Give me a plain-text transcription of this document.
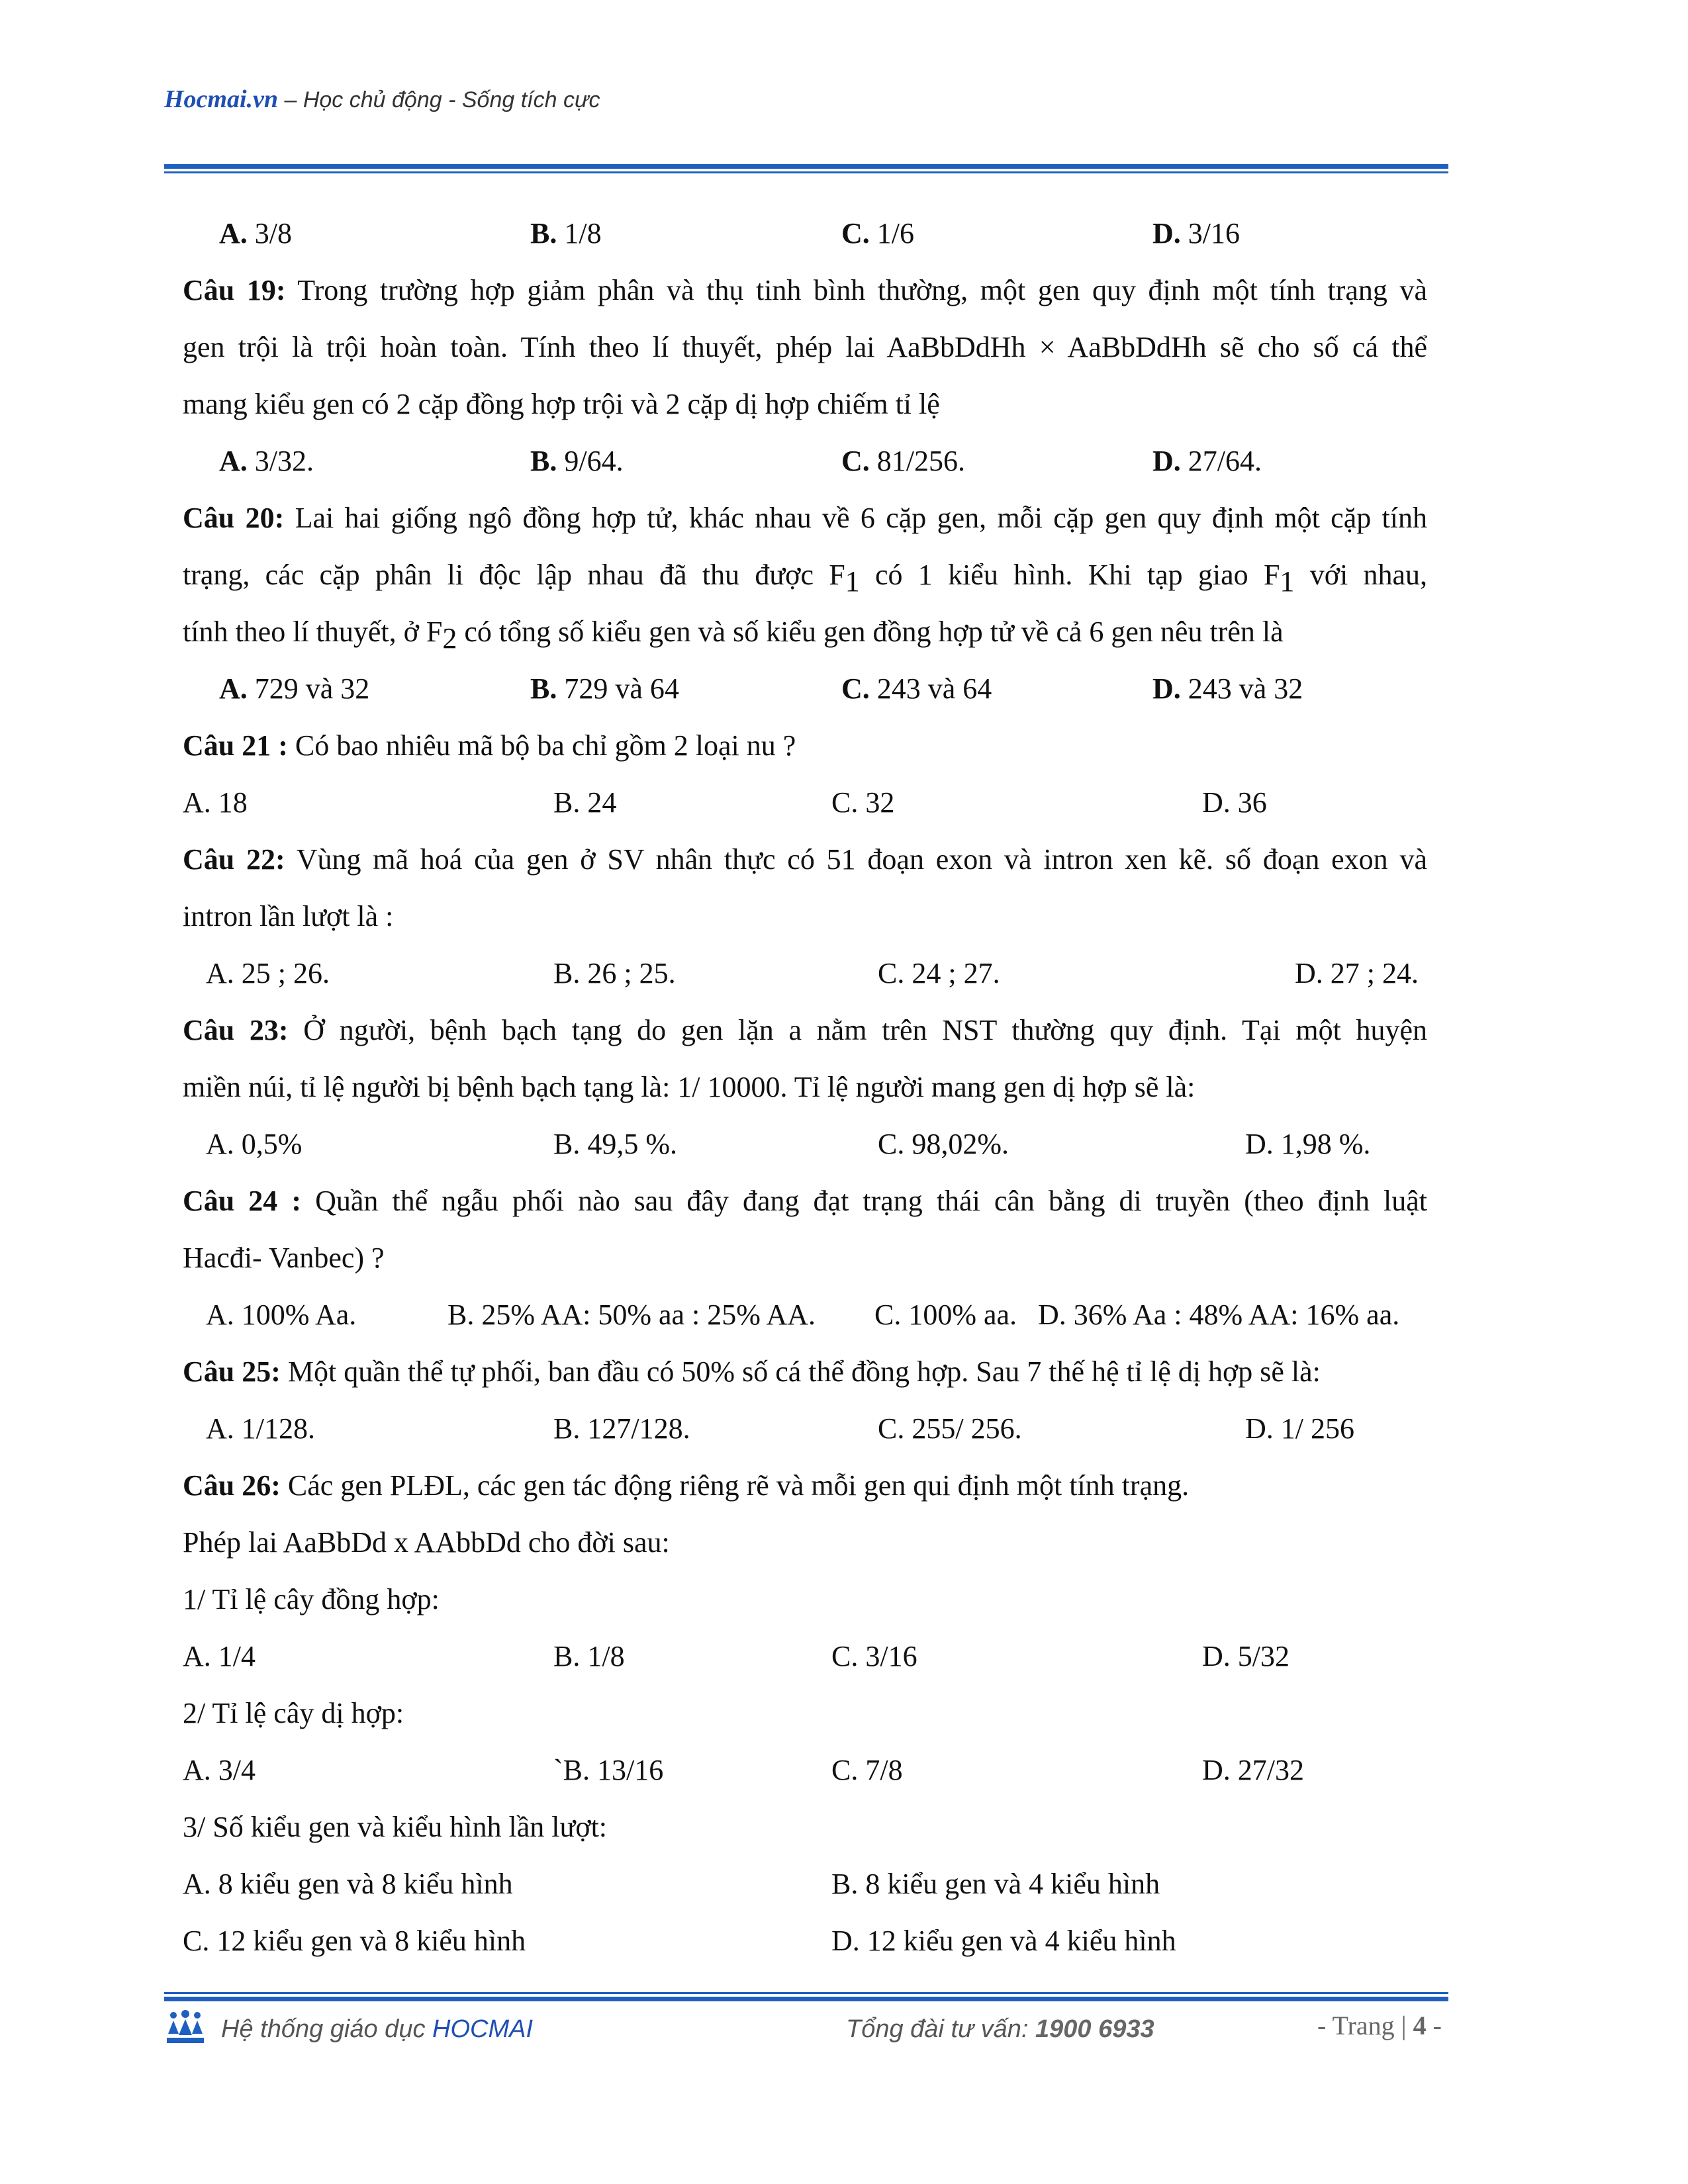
Hocmai.vn – Học chủ động - Sống tích cực
A. 3/8	B. 1/8	C. 1/6	D. 3/16
Câu 19: Trong trường hợp giảm phân và thụ tinh bình thường, một gen quy định một tính trạng và
gen trội là trội hoàn toàn. Tính theo lí thuyết, phép lai AaBbDdHh × AaBbDdHh sẽ cho số cá thể
mang kiểu gen có 2 cặp đồng hợp trội và 2 cặp dị hợp chiếm tỉ lệ
A. 3/32.	B. 9/64.	C. 81/256.	D. 27/64.
Câu 20: Lai hai giống ngô đồng hợp tử, khác nhau về 6 cặp gen, mỗi cặp gen quy định một cặp tính
trạng, các cặp phân li độc lập nhau đã thu được F1 có 1 kiểu hình. Khi tạp giao F1 với nhau,
tính theo lí thuyết, ở F2 có tổng số kiểu gen và số kiểu gen đồng hợp tử về cả 6 gen nêu trên là
A. 729 và 32	B. 729 và 64	C. 243 và 64	D. 243 và 32
Câu 21 : Có bao nhiêu mã bộ ba chỉ gồm 2 loại nu ?
A. 18	B. 24	C. 32	D. 36
Câu 22: Vùng mã hoá của gen ở SV nhân thực có 51 đoạn exon và intron xen kẽ. số đoạn exon và
intron lần lượt là :
A. 25 ; 26.	B. 26 ; 25.	C. 24 ; 27.	D. 27 ; 24.
Câu 23: Ở người, bệnh bạch tạng do gen lặn a nằm trên NST thường quy định. Tại một huyện
miền núi, tỉ lệ người bị bệnh bạch tạng là: 1/ 10000. Tỉ lệ người mang gen dị hợp sẽ là:
A. 0,5%	B. 49,5 %.	C. 98,02%.	D. 1,98 %.
Câu 24 : Quần thể ngẫu phối nào sau đây đang đạt trạng thái cân bằng di truyền (theo định luật
Hacđi- Vanbec) ?
A. 100% Aa.	B. 25% AA: 50% aa : 25% AA. C. 100% aa. D. 36% Aa : 48% AA: 16% aa.
Câu 25: Một quần thể tự phối, ban đầu có 50% số cá thể đồng hợp. Sau 7 thế hệ tỉ lệ dị hợp sẽ là:
A. 1/128.	B. 127/128.	C. 255/ 256.	D. 1/ 256
Câu 26: Các gen PLĐL, các gen tác động riêng rẽ và mỗi gen qui định một tính trạng.
Phép lai AaBbDd x AAbbDd cho đời sau:
1/ Tỉ lệ cây đồng hợp:
A. 1/4	B. 1/8	C. 3/16	D. 5/32
2/ Tỉ lệ cây dị hợp:
A. 3/4	`B. 13/16	C. 7/8	D. 27/32
3/ Số kiểu gen và kiểu hình lần lượt:
A. 8 kiểu gen và 8 kiểu hình	B. 8 kiểu gen và 4 kiểu hình
C. 12 kiểu gen và 8 kiểu hình	D. 12 kiểu gen và 4 kiểu hình
Hệ thống giáo dục HOCMAI	Tổng đài tư vấn: 1900 6933	- Trang | 4 -
